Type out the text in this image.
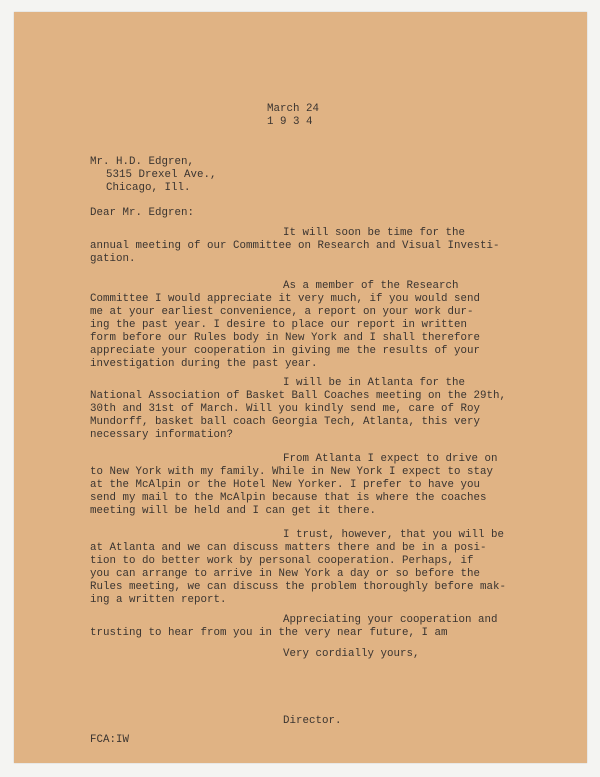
March 24
1 9 3 4
Mr. H.D. Edgren,
5315 Drexel Ave.,
Chicago, Ill.
Dear Mr. Edgren:
It will soon be time for the
annual meeting of our Committee on Research and Visual Investi-
gation.
As a member of the Research
Committee I would appreciate it very much, if you would send
me at your earliest convenience, a report on your work dur-
ing the past year. I desire to place our report in written
form before our Rules body in New York and I shall therefore
appreciate your cooperation in giving me the results of your
investigation during the past year.
I will be in Atlanta for the
National Association of Basket Ball Coaches meeting on the 29th,
30th and 31st of March. Will you kindly send me, care of Roy
Mundorff, basket ball coach Georgia Tech, Atlanta, this very
necessary information?
From Atlanta I expect to drive on
to New York with my family. While in New York I expect to stay
at the McAlpin or the Hotel New Yorker. I prefer to have you
send my mail to the McAlpin because that is where the coaches
meeting will be held and I can get it there.
I trust, however, that you will be
at Atlanta and we can discuss matters there and be in a posi-
tion to do better work by personal cooperation. Perhaps, if
you can arrange to arrive in New York a day or so before the
Rules meeting, we can discuss the problem thoroughly before mak-
ing a written report.
Appreciating your cooperation and
trusting to hear from you in the very near future, I am
Very cordially yours,
Director.
FCA:IW
